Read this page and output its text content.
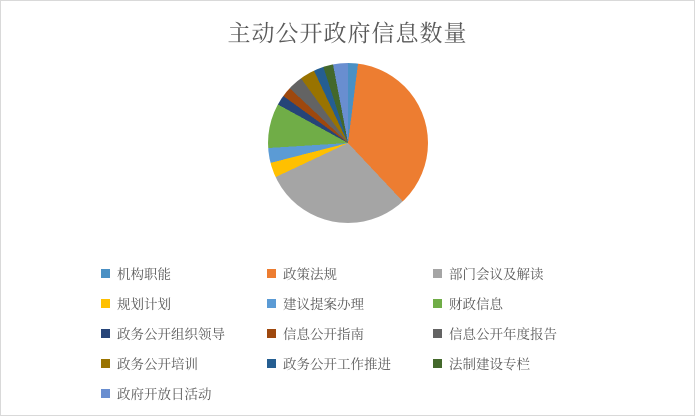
主动公开政府信息数量
机构职能	政策法规	部门会议及解读
规划计划	建议提案办理	财政信息
政务公开组织领导	信息公开指南	信息公开年度报告
政务公开培训	政务公开工作推进	法制建设专栏
政府开放日活动
